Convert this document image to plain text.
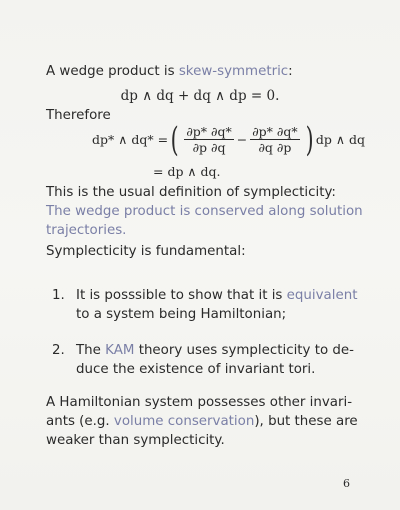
A wedge product is skew-symmetric:
dp ∧ dq + dq ∧ dp = 0.
Therefore
dp* ∧ dq* = ( $\frac{\partial p* \partial q*}{\partial p \partial q} - \frac{\partial p* \partial q*}{\partial q \partial p}$ ) dp ∧ dq
= dp ∧ dq.
This is the usual definition of symplecticity:
The wedge product is conserved along solution trajectories.
Symplecticity is fundamental:
1. It is posssible to show that it is equivalent to a system being Hamiltonian;
2. The KAM theory uses symplecticity to de-duce the existence of invariant tori.
A Hamiltonian system possesses other invari-ants (e.g. volume conservation), but these are weaker than symplecticity.
6
